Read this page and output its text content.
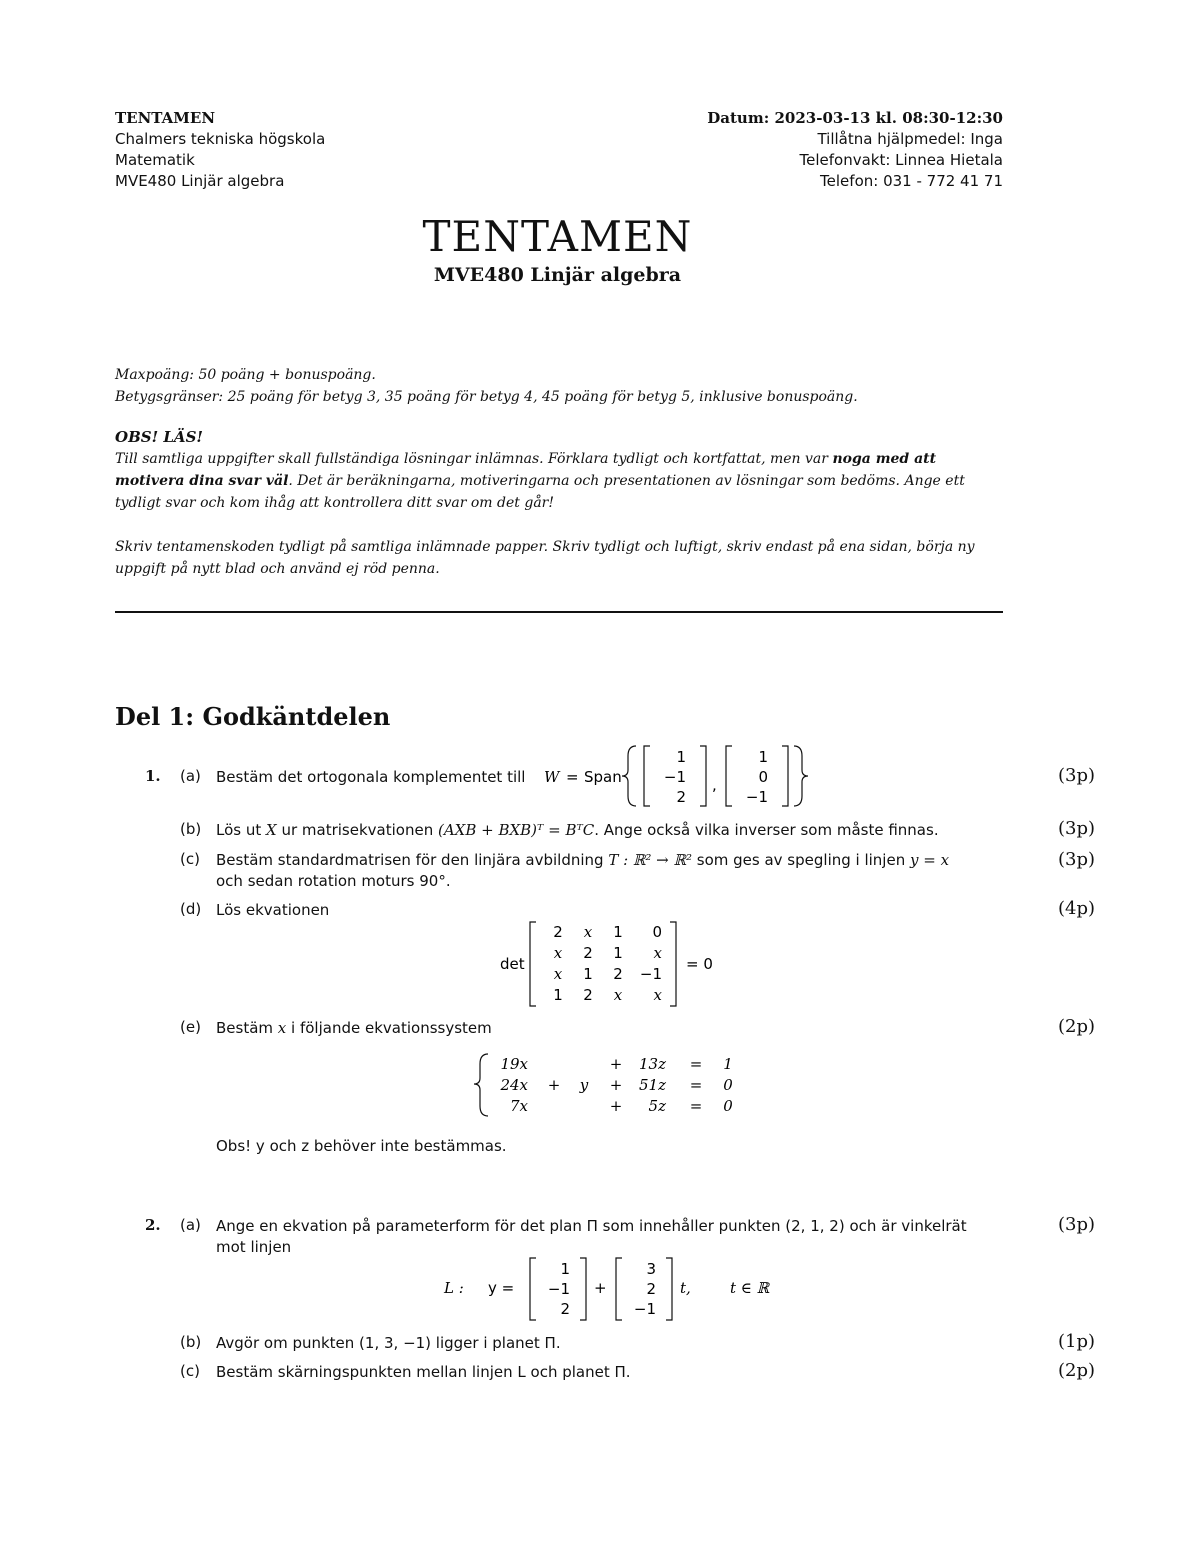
TENTAMEN
Chalmers tekniska högskola
Matematik
MVE480 Linjär algebra
Datum: 2023-03-13 kl. 08:30-12:30
Tillåtna hjälpmedel: Inga
Telefonvakt: Linnea Hietala
Telefon: 031 - 772 41 71
TENTAMEN
MVE480 Linjär algebra
Maxpoäng: 50 poäng + bonuspoäng.
Betygsgränser: 25 poäng för betyg 3, 35 poäng för betyg 4, 45 poäng för betyg 5, inklusive bonuspoäng.
OBS! LÄS!
Till samtliga uppgifter skall fullständiga lösningar inlämnas. Förklara tydligt och kortfattat, men var noga med att motivera dina svar väl. Det är beräkningarna, motiveringarna och presentationen av lösningar som bedöms. Ange ett tydligt svar och kom ihåg att kontrollera ditt svar om det går!
Skriv tentamenskoden tydligt på samtliga inlämnade papper. Skriv tydligt och luftigt, skriv endast på ena sidan, börja ny uppgift på nytt blad och använd ej röd penna.
Del 1: Godkäntdelen
1. (a) Bestäm det ortogonala komplementet till	W = Span
1
−1
2
,
1
0
−1
(3p)
(b) Lös ut X ur matrisekvationen (AXB + BXB)ᵀ = BᵀC. Ange också vilka inverser som måste finnas.	(3p)
(c) Bestäm standardmatrisen för den linjära avbildning T : ℝ² → ℝ² som ges av spegling i linjen y = x
och sedan rotation moturs 90°.
(3p)
(d) Lös ekvationen	(4p)
det
2 x 1 0
x 2 1 x
x 1 2 −1
1 2 x x
= 0
(e) Bestäm x i följande ekvationssystem	(2p)
19x	+ 13z = 1
24x + y + 51z = 0
7x	+ 5z = 0
Obs! y och z behöver inte bestämmas.
2. (a) Ange en ekvation på parameterform för det plan Π som innehåller punkten (2, 1, 2) och är vinkelrät
mot linjen
(3p)
L : y =
1
−1
2
+
3
2
−1
t,	t ∈ ℝ
(b) Avgör om punkten (1, 3, −1) ligger i planet Π.	(1p)
(c) Bestäm skärningspunkten mellan linjen L och planet Π.	(2p)
